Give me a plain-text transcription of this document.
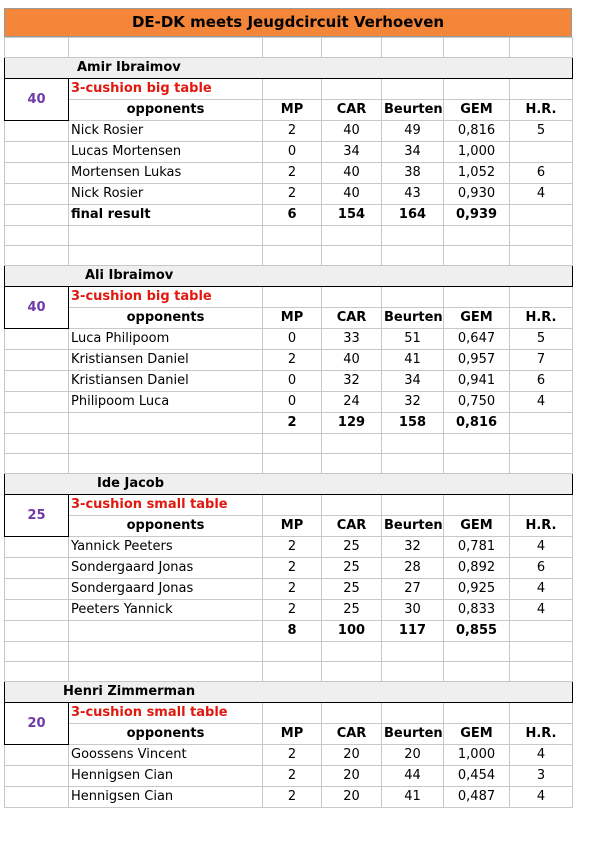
DE-DK meets Jeugdcircuit Verhoeven

Amir Ibraimov						
40	3-cushion big table					
	opponents	MP	CAR	Beurten	GEM	H.R.
	Nick Rosier	2	40	49	0,816	5
	Lucas Mortensen	0	34	34	1,000	
	Mortensen Lukas	2	40	38	1,052	6
	Nick Rosier	2	40	43	0,930	4
	final result	6	154	164	0,939	

Ali Ibraimov						
40	3-cushion big table					
	opponents	MP	CAR	Beurten	GEM	H.R.
	Luca Philipoom	0	33	51	0,647	5
	Kristiansen Daniel	2	40	41	0,957	7
	Kristiansen Daniel	0	32	34	0,941	6
	Philipoom Luca	0	24	32	0,750	4
		2	129	158	0,816	

Ide Jacob						
25	3-cushion small table					
	opponents	MP	CAR	Beurten	GEM	H.R.
	Yannick Peeters	2	25	32	0,781	4
	Sondergaard Jonas	2	25	28	0,892	6
	Sondergaard Jonas	2	25	27	0,925	4
	Peeters Yannick	2	25	30	0,833	4
		8	100	117	0,855	

Henri Zimmerman						
20	3-cushion small table					
	opponents	MP	CAR	Beurten	GEM	H.R.
	Goossens Vincent	2	20	20	1,000	4
	Hennigsen Cian	2	20	44	0,454	3
	Hennigsen Cian	2	20	41	0,487	4
